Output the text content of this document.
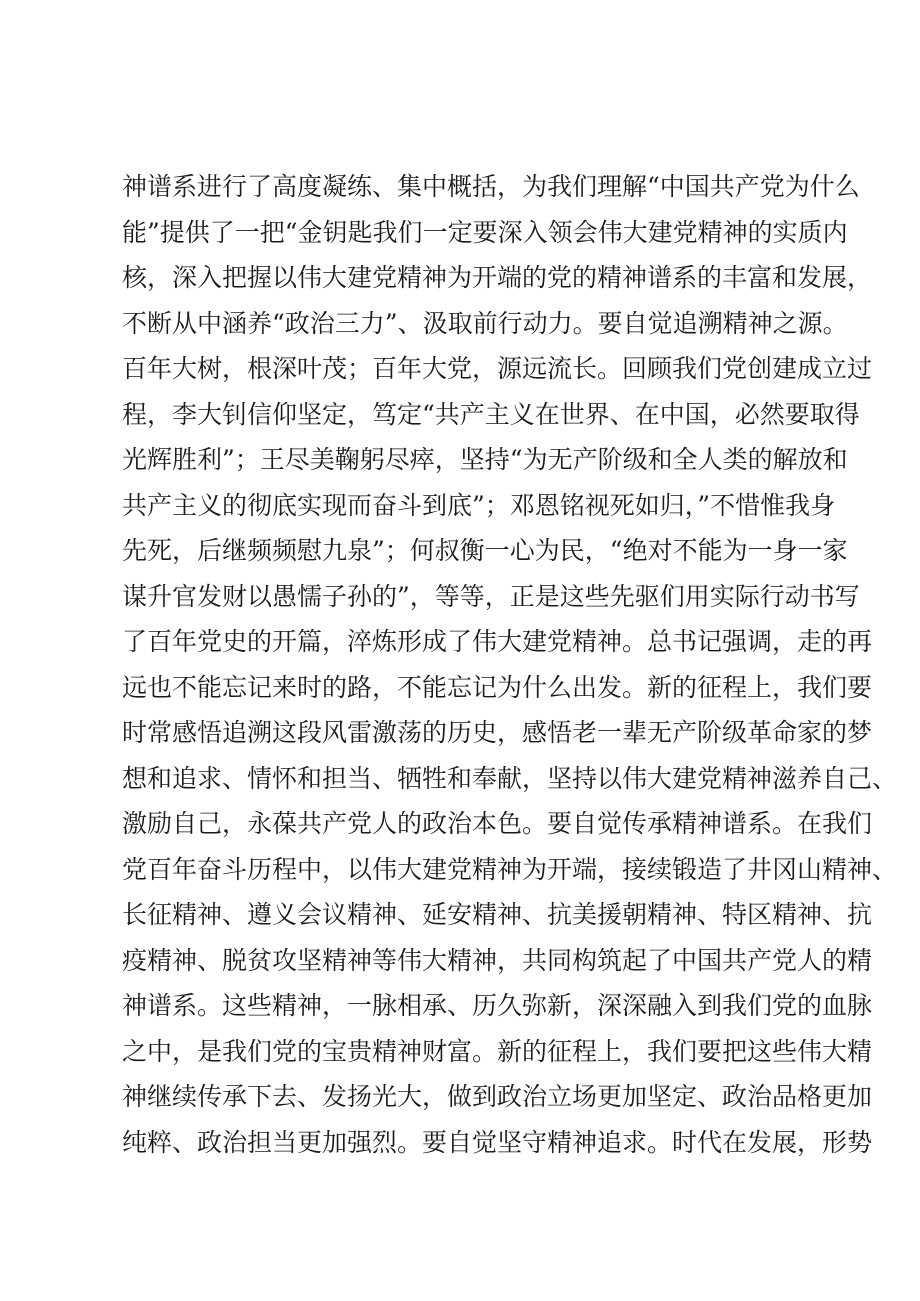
神谱系进行了高度凝练、集中概括，为我们理解“中国共产党为什么
能”提供了一把“金钥匙我们一定要深入领会伟大建党精神的实质内
核，深入把握以伟大建党精神为开端的党的精神谱系的丰富和发展，
不断从中涵养“政治三力”、汲取前行动力。要自觉追溯精神之源。
百年大树，根深叶茂；百年大党，源远流长。回顾我们党创建成立过
程，李大钊信仰坚定，笃定“共产主义在世界、在中国，必然要取得
光辉胜利”；王尽美鞠躬尽瘁，坚持“为无产阶级和全人类的解放和
共产主义的彻底实现而奋斗到底”；邓恩铭视死如归，”不惜惟我身
先死，后继频频慰九泉”；何叔衡一心为民，“绝对不能为一身一家
谋升官发财以愚懦子孙的”，等等，正是这些先驱们用实际行动书写
了百年党史的开篇，淬炼形成了伟大建党精神。总书记强调，走的再
远也不能忘记来时的路，不能忘记为什么出发。新的征程上，我们要
时常感悟追溯这段风雷激荡的历史，感悟老一辈无产阶级革命家的梦
想和追求、情怀和担当、牺牲和奉献，坚持以伟大建党精神滋养自己、
激励自己，永葆共产党人的政治本色。要自觉传承精神谱系。在我们
党百年奋斗历程中，以伟大建党精神为开端，接续锻造了井冈山精神、
长征精神、遵义会议精神、延安精神、抗美援朝精神、特区精神、抗
疫精神、脱贫攻坚精神等伟大精神，共同构筑起了中国共产党人的精
神谱系。这些精神，一脉相承、历久弥新，深深融入到我们党的血脉
之中，是我们党的宝贵精神财富。新的征程上，我们要把这些伟大精
神继续传承下去、发扬光大，做到政治立场更加坚定、政治品格更加
纯粹、政治担当更加强烈。要自觉坚守精神追求。时代在发展，形势
